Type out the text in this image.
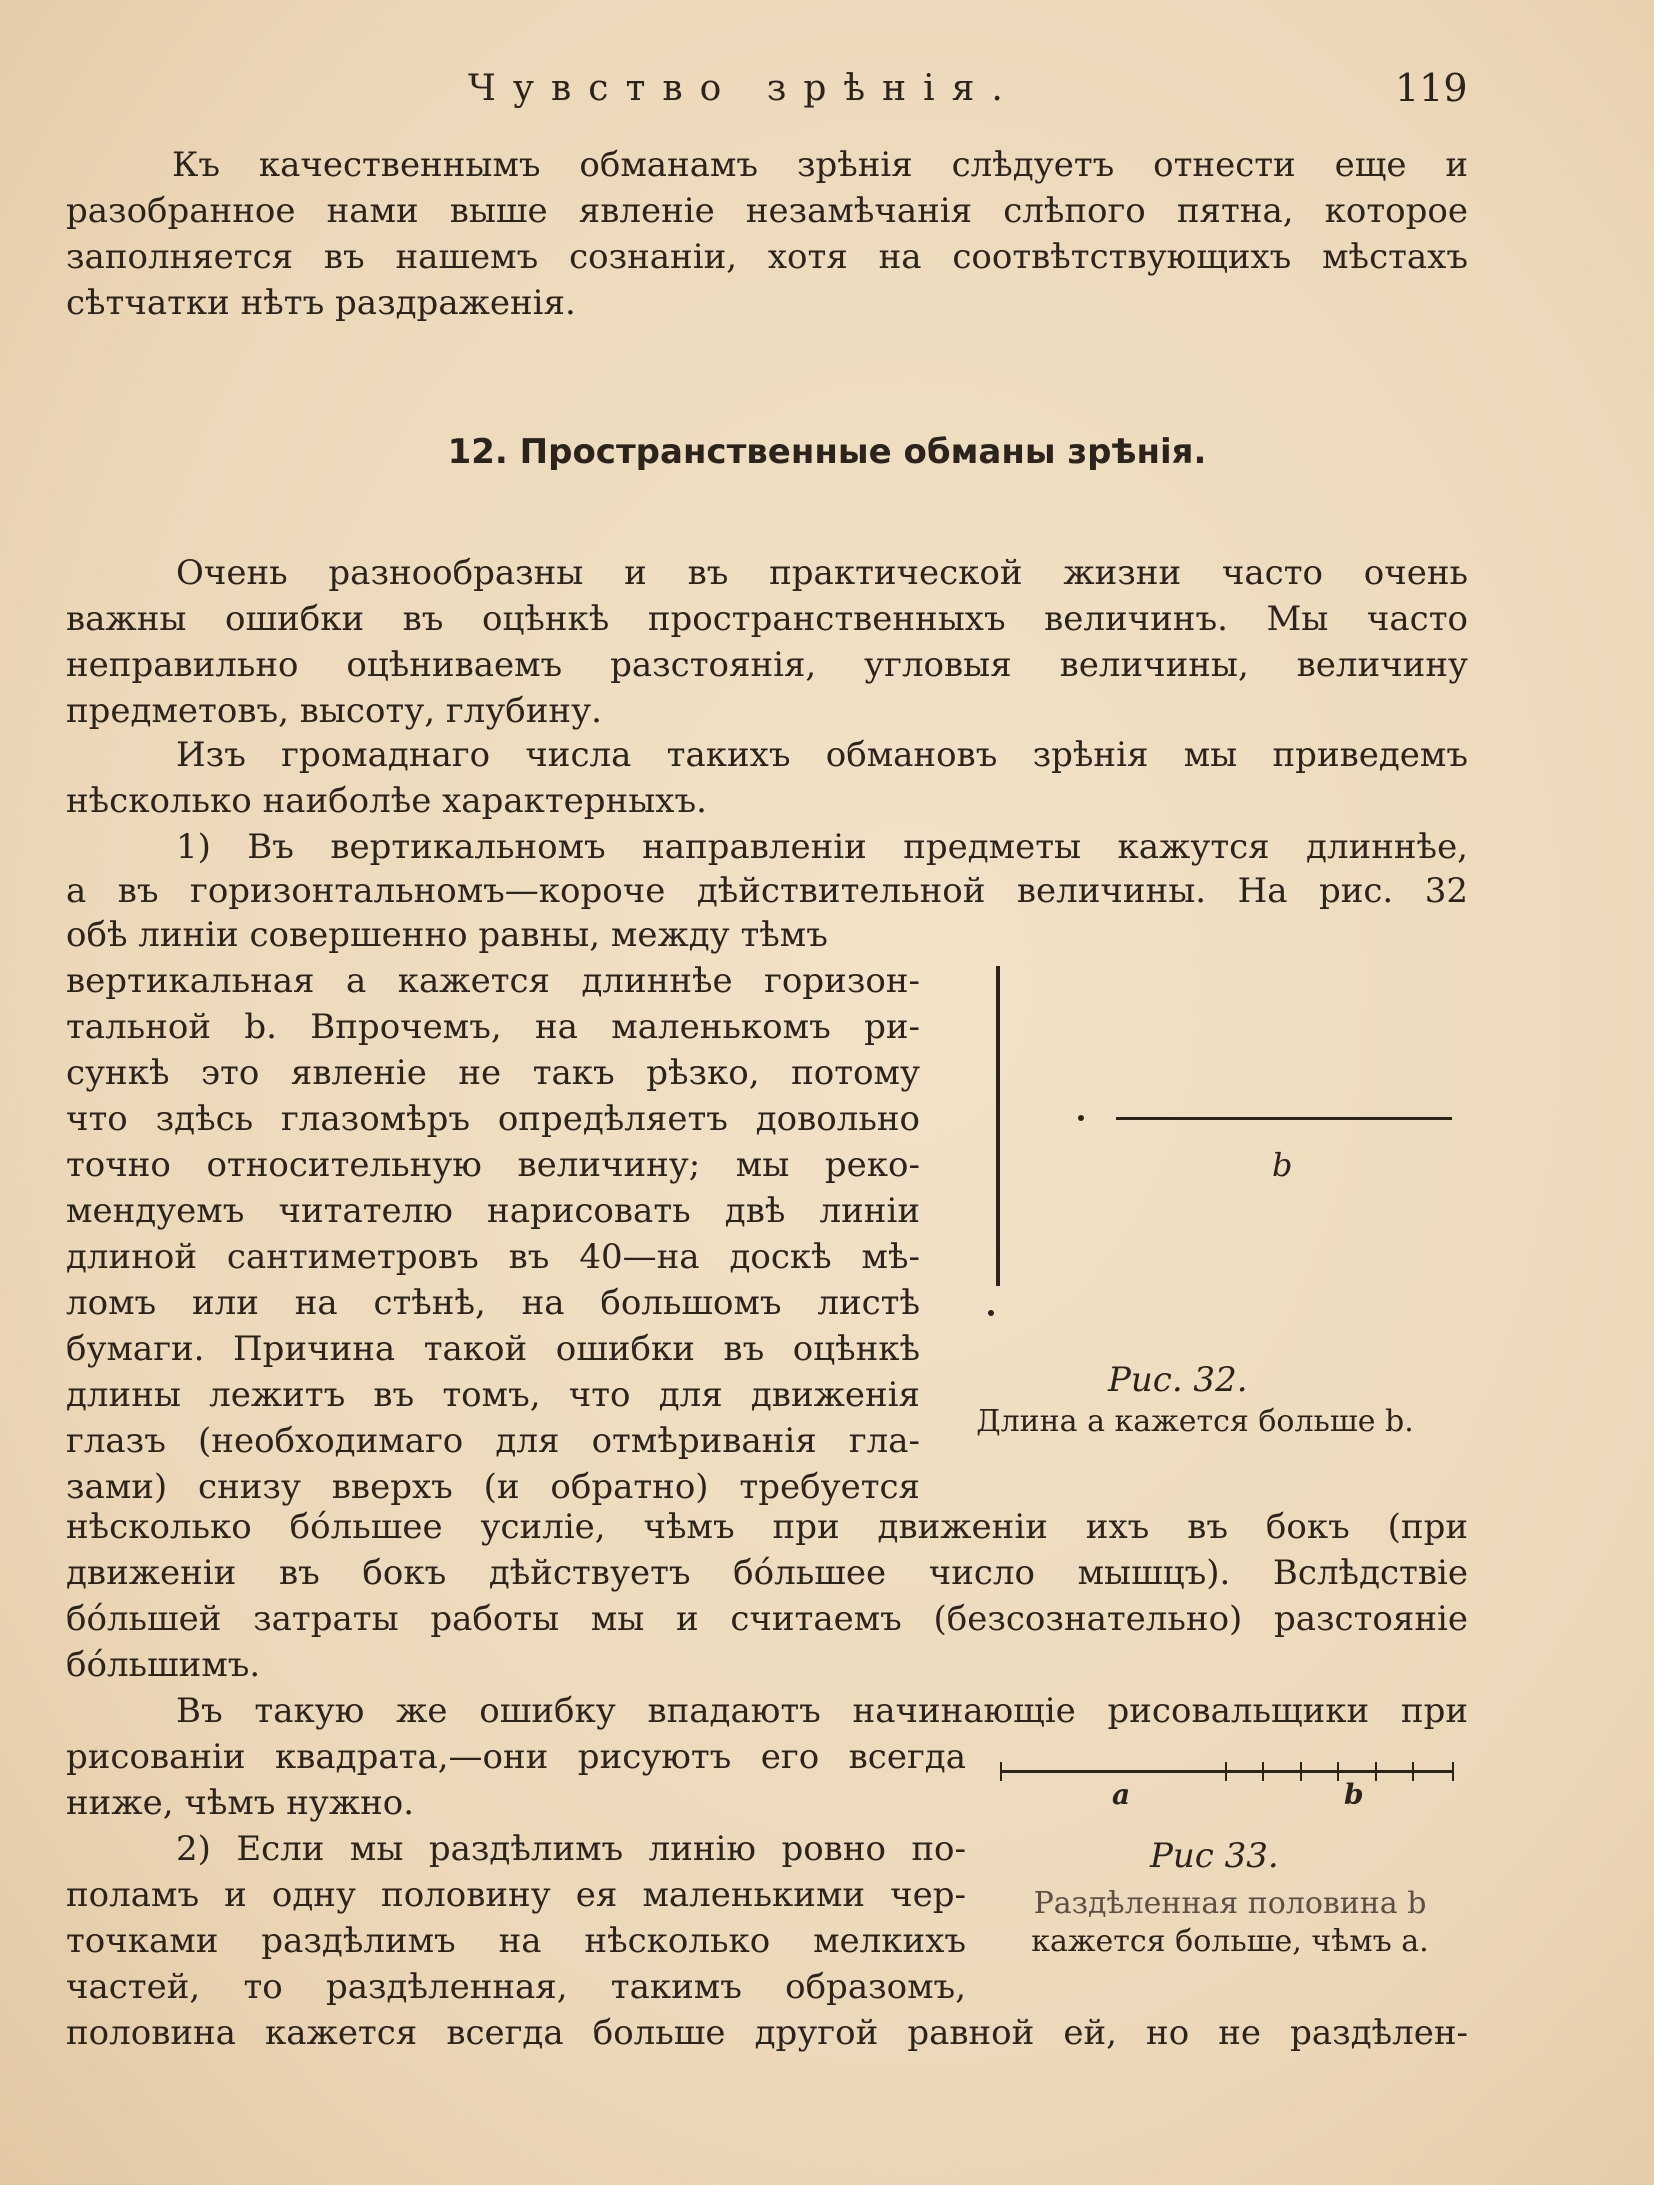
Чувство зрѣнія.	119
Къ качественнымъ обманамъ зрѣнія слѣдуетъ отнести еще и
разобранное нами выше явленіе незамѣчанія слѣпого пятна, которое
заполняется въ нашемъ сознаніи, хотя на соотвѣтствующихъ мѣстахъ
сѣтчатки нѣтъ раздраженія.
12. Пространственные обманы зрѣнія.
Очень разнообразны и въ практической жизни часто очень
важны ошибки въ оцѣнкѣ пространственныхъ величинъ. Мы часто
неправильно оцѣниваемъ разстоянія, угловыя величины, величину
предметовъ, высоту, глубину.
Изъ громаднаго числа такихъ обмановъ зрѣнія мы приведемъ
нѣсколько наиболѣе характерныхъ.
1) Въ вертикальномъ направленіи предметы кажутся длиннѣе,
а въ горизонтальномъ—короче дѣйствительной величины. На рис. 32
обѣ линіи совершенно равны, между тѣмъ
вертикальная a кажется длиннѣе горизон-
тальной b. Впрочемъ, на маленькомъ ри-
сункѣ это явленіе не такъ рѣзко, потому
что здѣсь глазомѣръ опредѣляетъ довольно
точно относительную величину; мы реко-
мендуемъ читателю нарисовать двѣ линіи
длиной сантиметровъ въ 40—на доскѣ мѣ-
ломъ или на стѣнѣ, на большомъ листѣ
бумаги. Причина такой ошибки въ оцѣнкѣ
длины лежитъ въ томъ, что для движенія
глазъ (необходимаго для отмѣриванія гла-
зами) снизу вверхъ (и обратно) требуется
b
Рис. 32.
Длина a кажется больше b.
нѣсколько бо́льшее усиліе, чѣмъ при движеніи ихъ въ бокъ (при
движеніи въ бокъ дѣйствуетъ бо́льшее число мышцъ). Вслѣдствіе
бо́льшей затраты работы мы и считаемъ (безсознательно) разстояніе
бо́льшимъ.
Въ такую же ошибку впадаютъ начинающіе рисовальщики при
рисованіи квадрата,—они рисуютъ его всегда
ниже, чѣмъ нужно.	a	b
Рис 33.
Раздѣленная половина b
кажется больше, чѣмъ a.
2) Если мы раздѣлимъ линію ровно по-
поламъ и одну половину ея маленькими чер-
точками раздѣлимъ на нѣсколько мелкихъ
частей, то раздѣленная, такимъ образомъ,
половина кажется всегда больше другой равной ей, но не раздѣлен-
